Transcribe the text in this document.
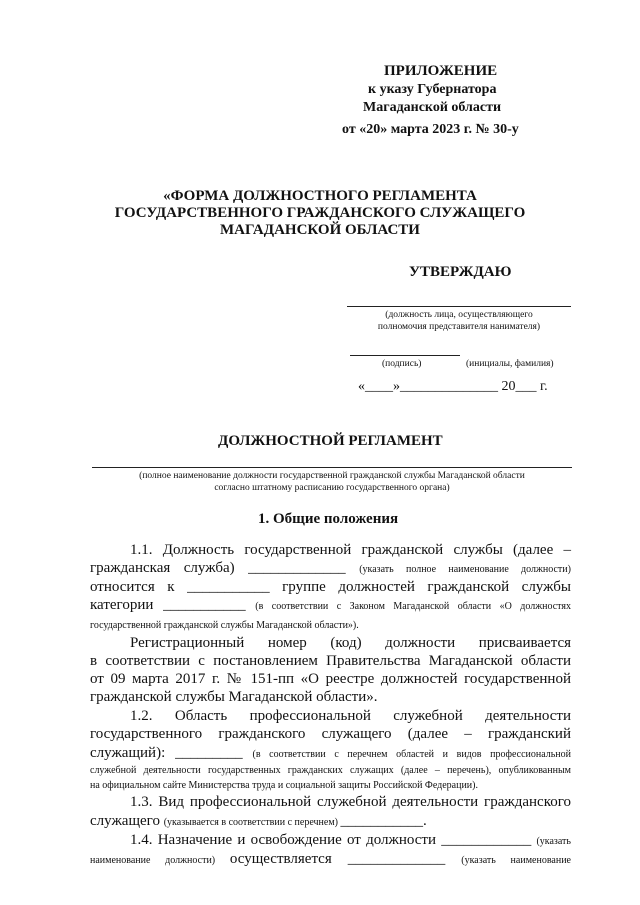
ПРИЛОЖЕНИЕ
к указу Губернатора
Магаданской области
от «20» марта 2023 г. № 30-у
«ФОРМА ДОЛЖНОСТНОГО РЕГЛАМЕНТА
ГОСУДАРСТВЕННОГО ГРАЖДАНСКОГО СЛУЖАЩЕГО
МАГАДАНСКОЙ ОБЛАСТИ
УТВЕРЖДАЮ
(должность лица, осуществляющего
полномочия представителя нанимателя)
(подпись)	(инициалы, фамилия)
«____»______________ 20___ г.
ДОЛЖНОСТНОЙ РЕГЛАМЕНТ
(полное наименование должности государственной гражданской службы Магаданской области
согласно штатному расписанию государственного органа)
1. Общие положения
1.1. Должность государственной гражданской службы (далее –
гражданская служба) _____________ (указать полное наименование должности)
относится к ___________ группе должностей гражданской службы
категории ___________ (в соответствии с Законом Магаданской области «О должностях
государственной гражданской службы Магаданской области»).
Регистрационный номер (код) должности присваивается
в соответствии с постановлением Правительства Магаданской области
от 09 марта 2017 г. № 151-пп «О реестре должностей государственной
гражданской службы Магаданской области».
1.2. Область профессиональной служебной деятельности
государственного гражданского служащего (далее – гражданский
служащий): _________ (в соответствии с перечнем областей и видов профессиональной
служебной деятельности государственных гражданских служащих (далее – перечень), опубликованным
на официальном сайте Министерства труда и социальной защиты Российской Федерации).
1.3. Вид профессиональной служебной деятельности гражданского
служащего (указывается в соответствии с перечнем) ___________.
1.4. Назначение и освобождение от должности ____________ (указать
наименование должности) осуществляется _____________ (указать наименование
